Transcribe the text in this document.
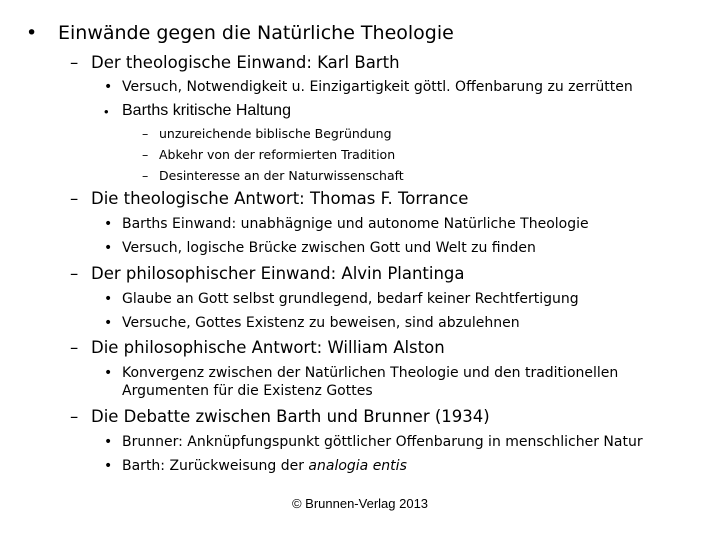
• Einwände gegen die Natürliche Theologie
– Der theologische Einwand: Karl Barth
• Versuch, Notwendigkeit u. Einzigartigkeit göttl. Offenbarung zu zerrütten
• Barths kritische Haltung
– unzureichende biblische Begründung
– Abkehr von der reformierten Tradition
– Desinteresse an der Naturwissenschaft
– Die theologische Antwort: Thomas F. Torrance
• Barths Einwand: unabhägnige und autonome Natürliche Theologie
• Versuch, logische Brücke zwischen Gott und Welt zu finden
– Der philosophischer Einwand: Alvin Plantinga
• Glaube an Gott selbst grundlegend, bedarf keiner Rechtfertigung
• Versuche, Gottes Existenz zu beweisen, sind abzulehnen
– Die philosophische Antwort: William Alston
• Konvergenz zwischen der Natürlichen Theologie und den traditionellen
Argumenten für die Existenz Gottes
– Die Debatte zwischen Barth und Brunner (1934)
• Brunner: Anknüpfungspunkt göttlicher Offenbarung in menschlicher Natur
• Barth: Zurückweisung der analogia entis
© Brunnen-Verlag 2013
